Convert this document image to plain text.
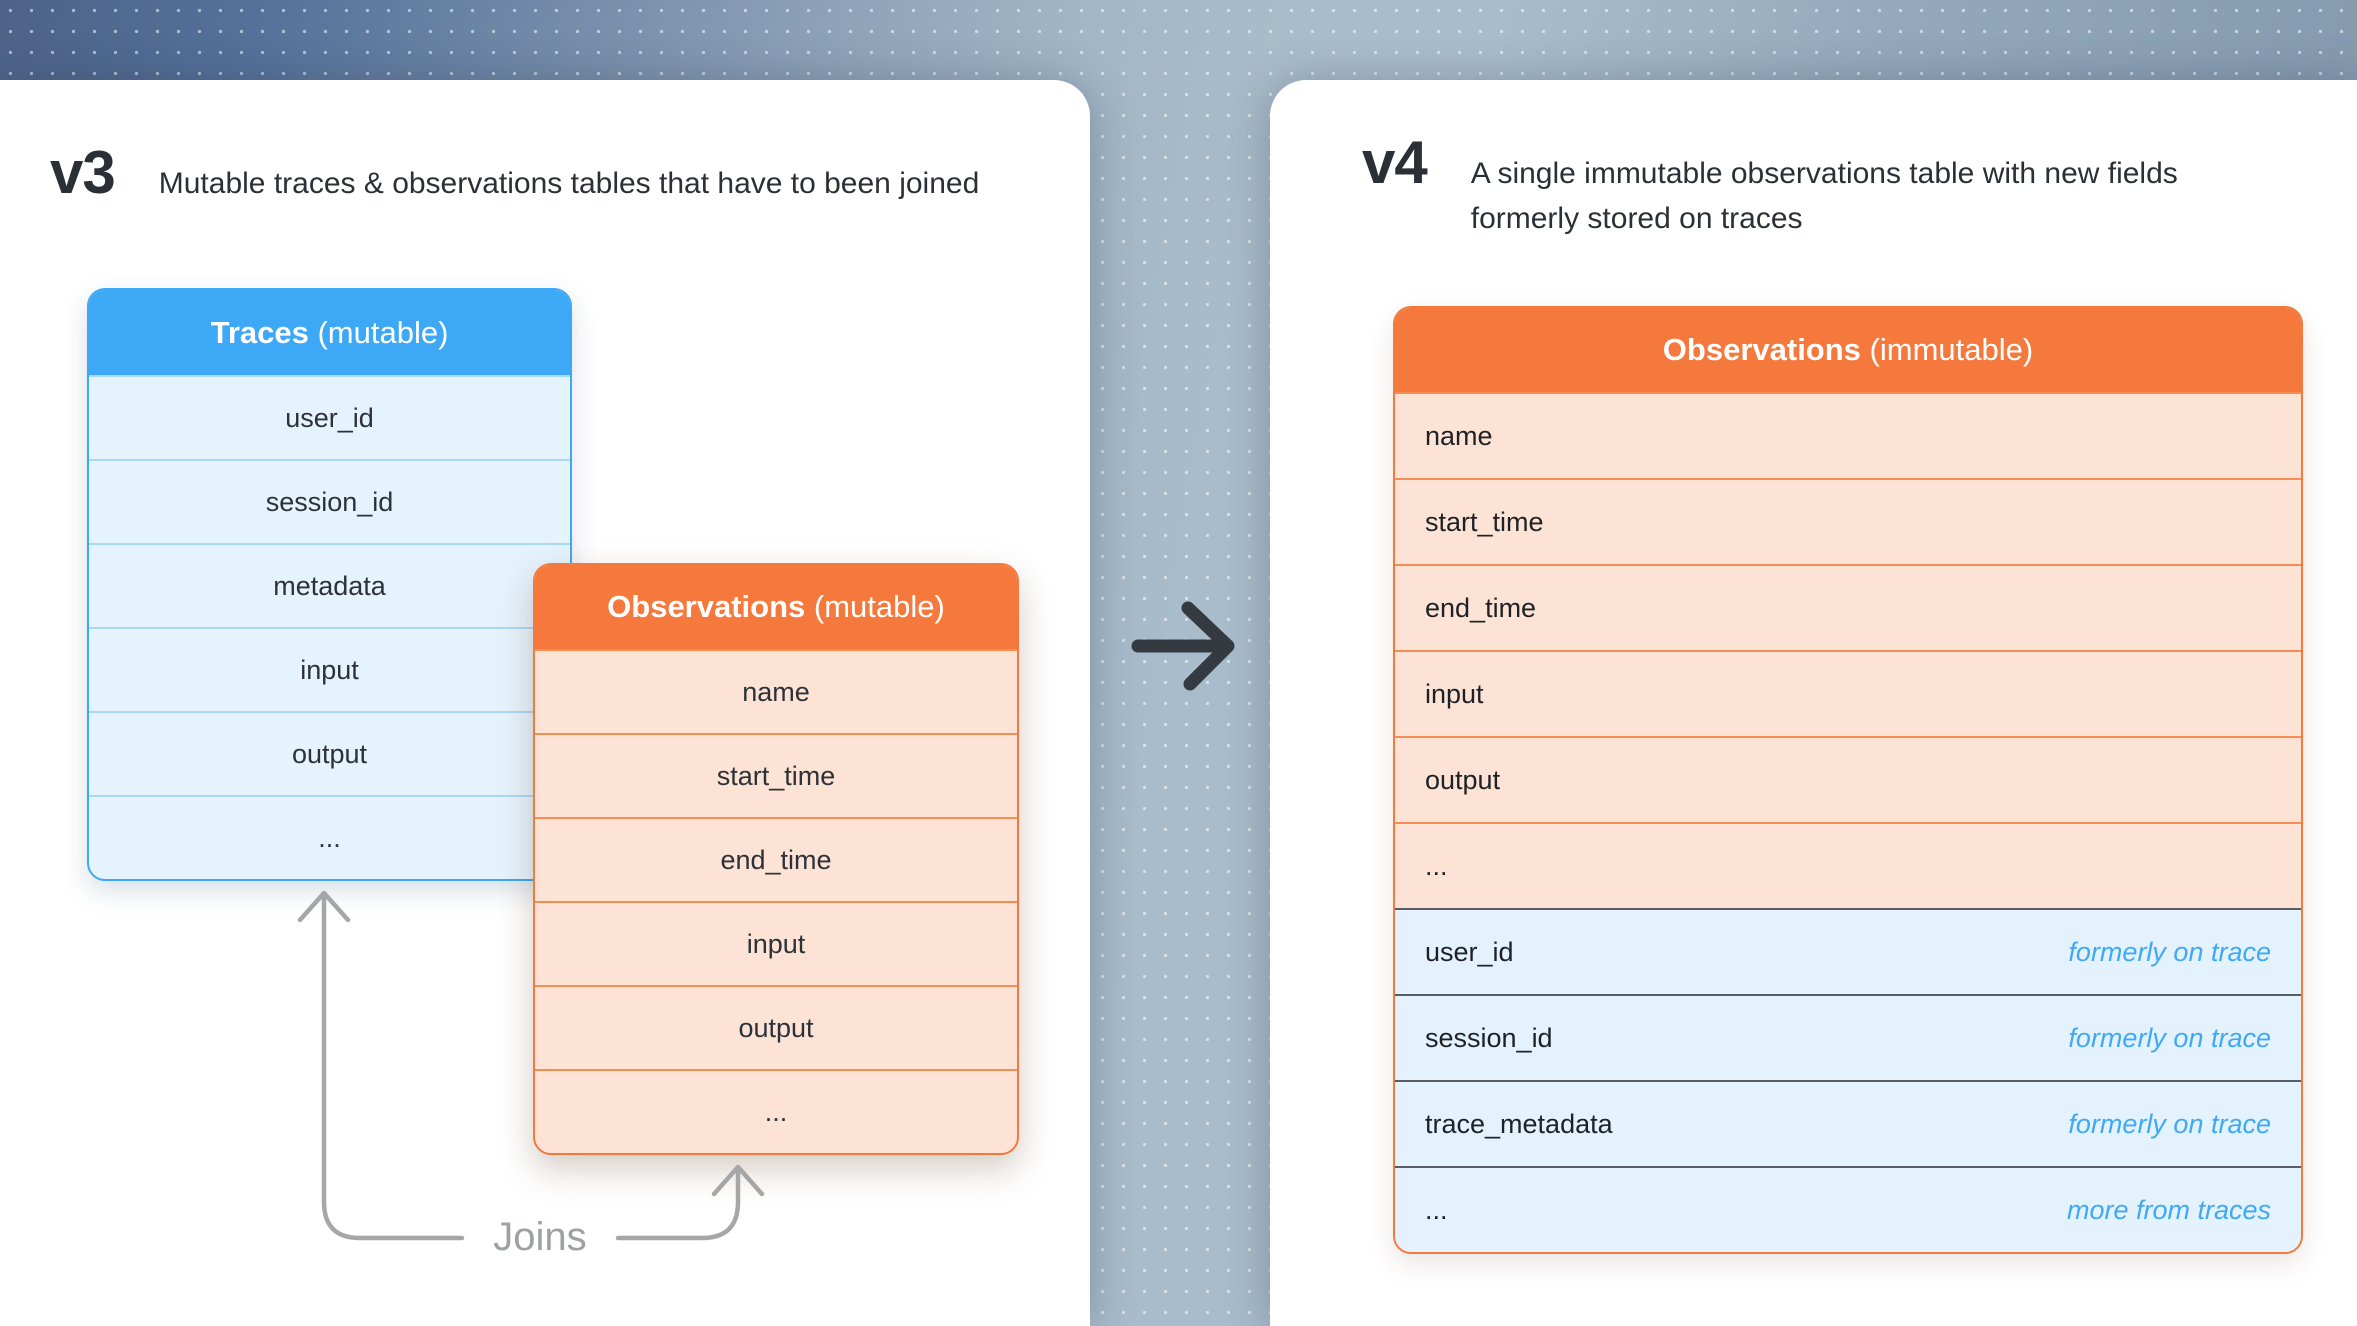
v3 Mutable traces & observations tables that have to been joined	v4 A single immutable observations table with new fields formerly stored on traces
Traces (mutable)
user_id
session_id
metadata
input
output
...
Observations (mutable)
name
start_time
end_time
input
output
...
Observations (immutable)
name
start_time
end_time
input
output
...
user_id	formerly on trace
session_id	formerly on trace
trace_metadata	formerly on trace
...	more from traces
Joins
